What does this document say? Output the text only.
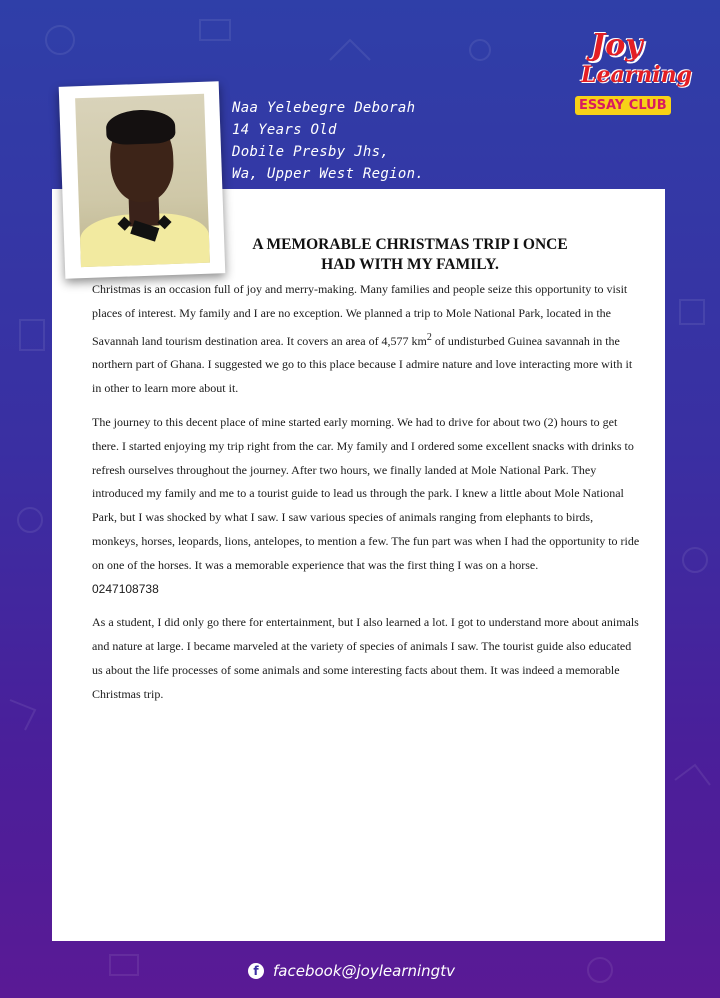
Joy
Learning
ESSAY CLUB
Naa Yelebegre Deborah
14 Years Old
Dobile Presby Jhs,
Wa, Upper West Region.
A MEMORABLE CHRISTMAS TRIP I ONCE
HAD WITH MY FAMILY.

Christmas is an occasion full of joy and merry-making. Many families and people seize this opportunity to visit places of interest. My family and I are no exception. We planned a trip to Mole National Park, located in the Savannah land tourism destination area. It covers an area of 4,577 $km^2$ of undisturbed Guinea savannah in the northern part of Ghana. I suggested we go to this place because I admire nature and love interacting more with it in other to learn more about it.

The journey to this decent place of mine started early morning. We had to drive for about two (2) hours to get there. I started enjoying my trip right from the car. My family and I ordered some excellent snacks with drinks to refresh ourselves throughout the journey. After two hours, we finally landed at Mole National Park. They introduced my family and me to a tourist guide to lead us through the park. I knew a little about Mole National Park, but I was shocked by what I saw. I saw various species of animals ranging from elephants to birds, monkeys, horses, leopards, lions, antelopes, to mention a few. The fun part was when I had the opportunity to ride on one of the horses. It was a memorable experience that was the first thing I was on a horse.
0247108738

As a student, I did only go there for entertainment, but I also learned a lot. I got to understand more about animals and nature at large. I became marveled at the variety of species of animals I saw. The tourist guide also educated us about the life processes of some animals and some interesting facts about them. It was indeed a memorable Christmas trip.

f facebook@joylearningtv
